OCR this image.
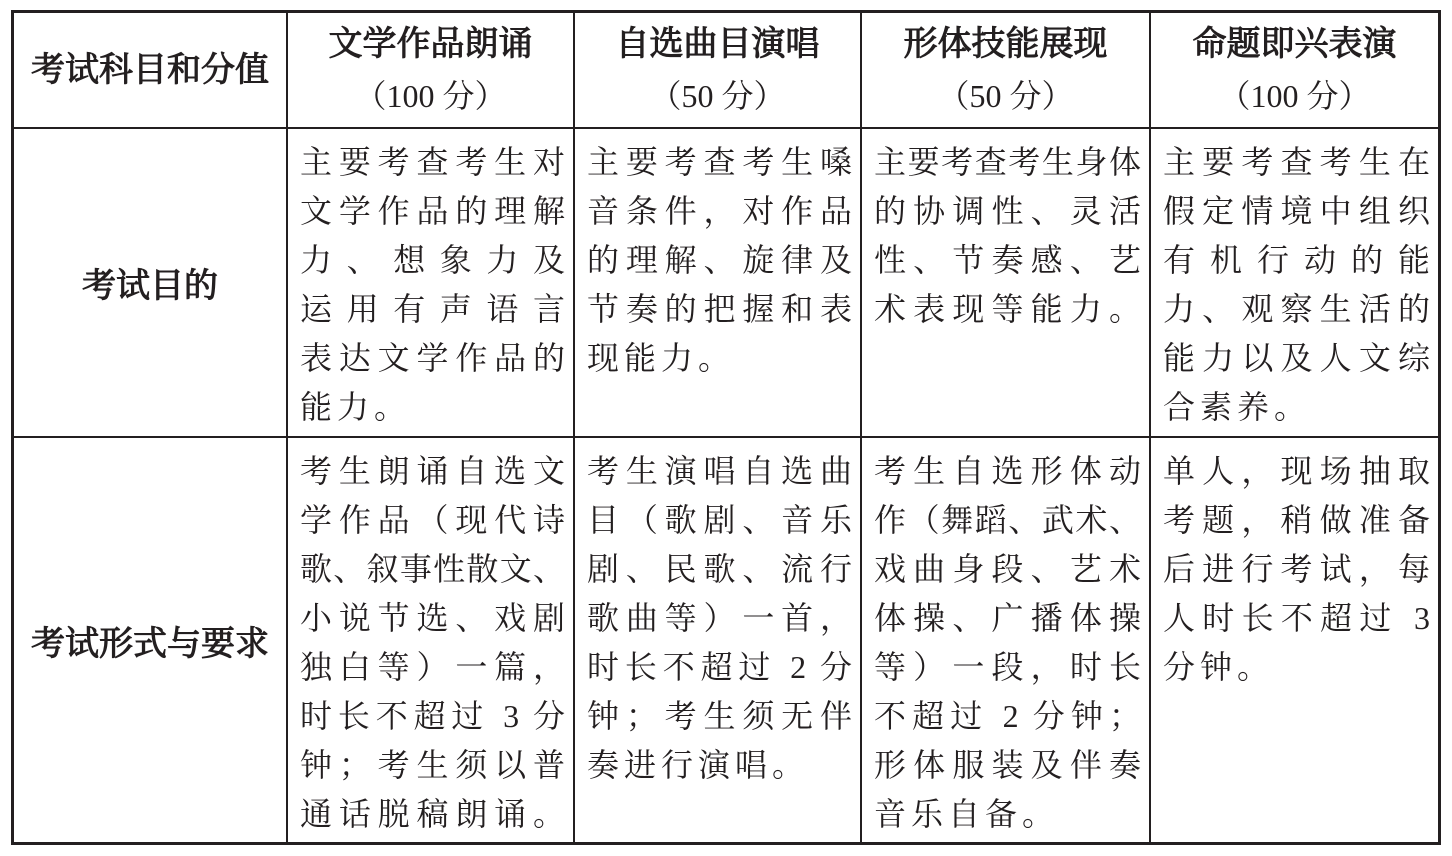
考试科目和分值
文学作品朗诵
（100 分）
自选曲目演唱
（50 分）
形体技能展现
（50 分）
命题即兴表演
（100 分）
考试目的
主要考查考生对
文学作品的理解
力、想象力及
运用有声语言
表达文学作品的
能力。
主要考查考生嗓
音条件，对作品
的理解、旋律及
节奏的把握和表
现能力。
主要考查考生身体
的协调性、灵活
性、节奏感、艺
术表现等能力。
主要考查考生在
假定情境中组织
有机行动的能
力、观察生活的
能力以及人文综
合素养。
考试形式与要求
考生朗诵自选文
学作品（现代诗
歌、叙事性散文、
小说节选、戏剧
独白等）一篇，
时长不超过 3 分
钟；考生须以普
通话脱稿朗诵。
考生演唱自选曲
目（歌剧、音乐
剧、民歌、流行
歌曲等）一首，
时长不超过 2 分
钟；考生须无伴
奏进行演唱。
考生自选形体动
作（舞蹈、武术、
戏曲身段、艺术
体操、广播体操
等）一段，时长
不超过 2 分钟；
形体服装及伴奏
音乐自备。
单人，现场抽取
考题，稍做准备
后进行考试，每
人时长不超过 3
分钟。
